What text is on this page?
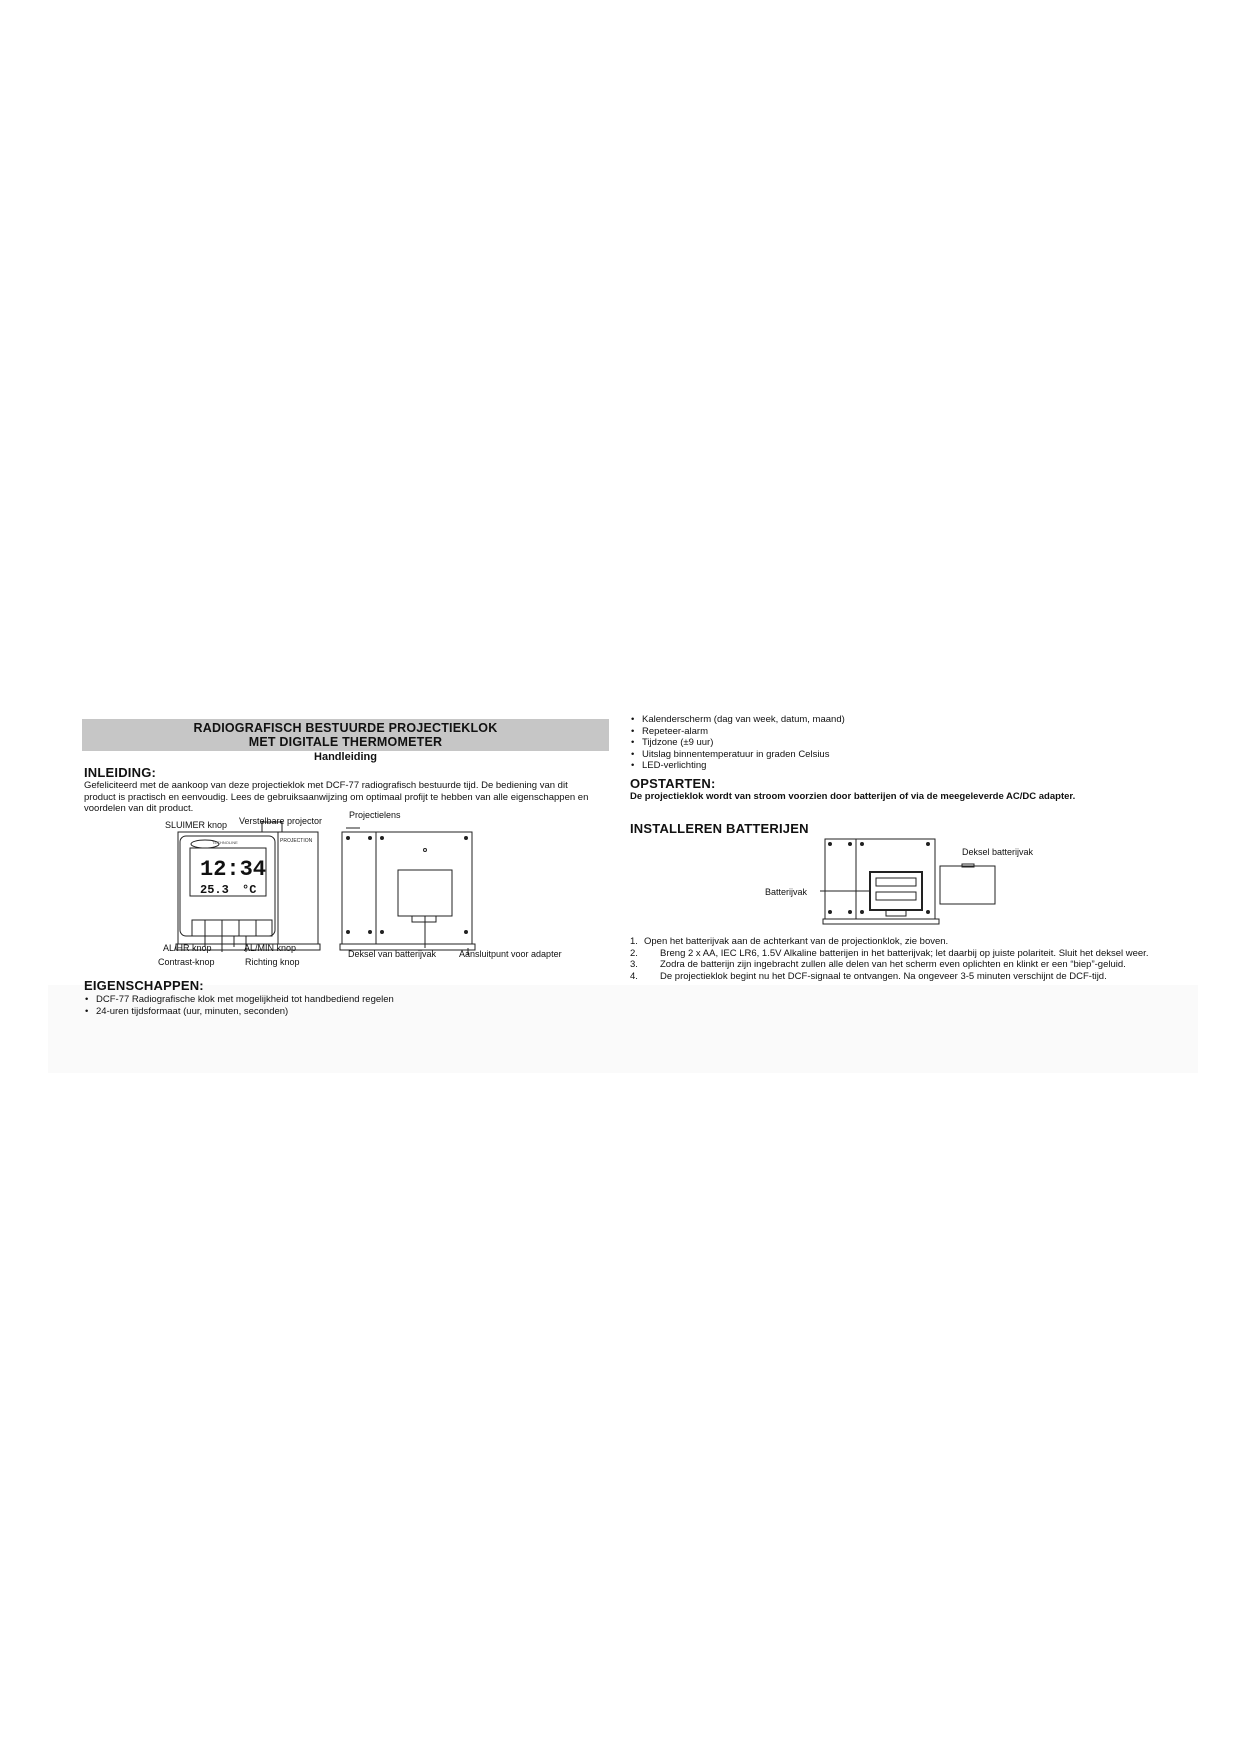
RADIOGRAFISCH BESTUURDE PROJECTIEKLOK
MET DIGITALE THERMOMETER
Handleiding
INLEIDING:
Gefeliciteerd met de aankoop van deze projectieklok met DCF-77 radiografisch bestuurde tijd. De bediening van dit product is practisch en eenvoudig. Lees de gebruiksaanwijzing om optimaal profijt te hebben van alle eigenschappen en voordelen van dit product.
TECHNOLINE	PROJECTION
12:34
25.3 °C
SLUIMER knop Verstelbare projector
Projectielens
AL/HR knop
Contrast-knop
AL/MIN knop
Richting knop
Deksel van batterijvak	Aansluitpunt voor adapter
EIGENSCHAPPEN:
• DCF-77 Radiografische klok met mogelijkheid tot handbediend regelen
• 24-uren tijdsformaat (uur, minuten, seconden)
• Kalenderscherm (dag van week, datum, maand)
• Repeteer-alarm
• Tijdzone (±9 uur)
• Uitslag binnentemperatuur in graden Celsius
• LED-verlichting
OPSTARTEN:
De projectieklok wordt van stroom voorzien door batterijen of via de meegeleverde AC/DC adapter.
INSTALLEREN BATTERIJEN
Deksel batterijvak
Batterijvak
1. Open het batterijvak aan de achterkant van de projectionklok, zie boven.
2. Breng 2 x AA, IEC LR6, 1.5V Alkaline batterijen in het batterijvak; let daarbij op juiste polariteit. Sluit het deksel weer.
3. Zodra de batterijn zijn ingebracht zullen alle delen van het scherm even oplichten en klinkt er een “biep”-geluid.
4. De projectieklok begint nu het DCF-signaal te ontvangen. Na ongeveer 3-5 minuten verschijnt de DCF-tijd.
